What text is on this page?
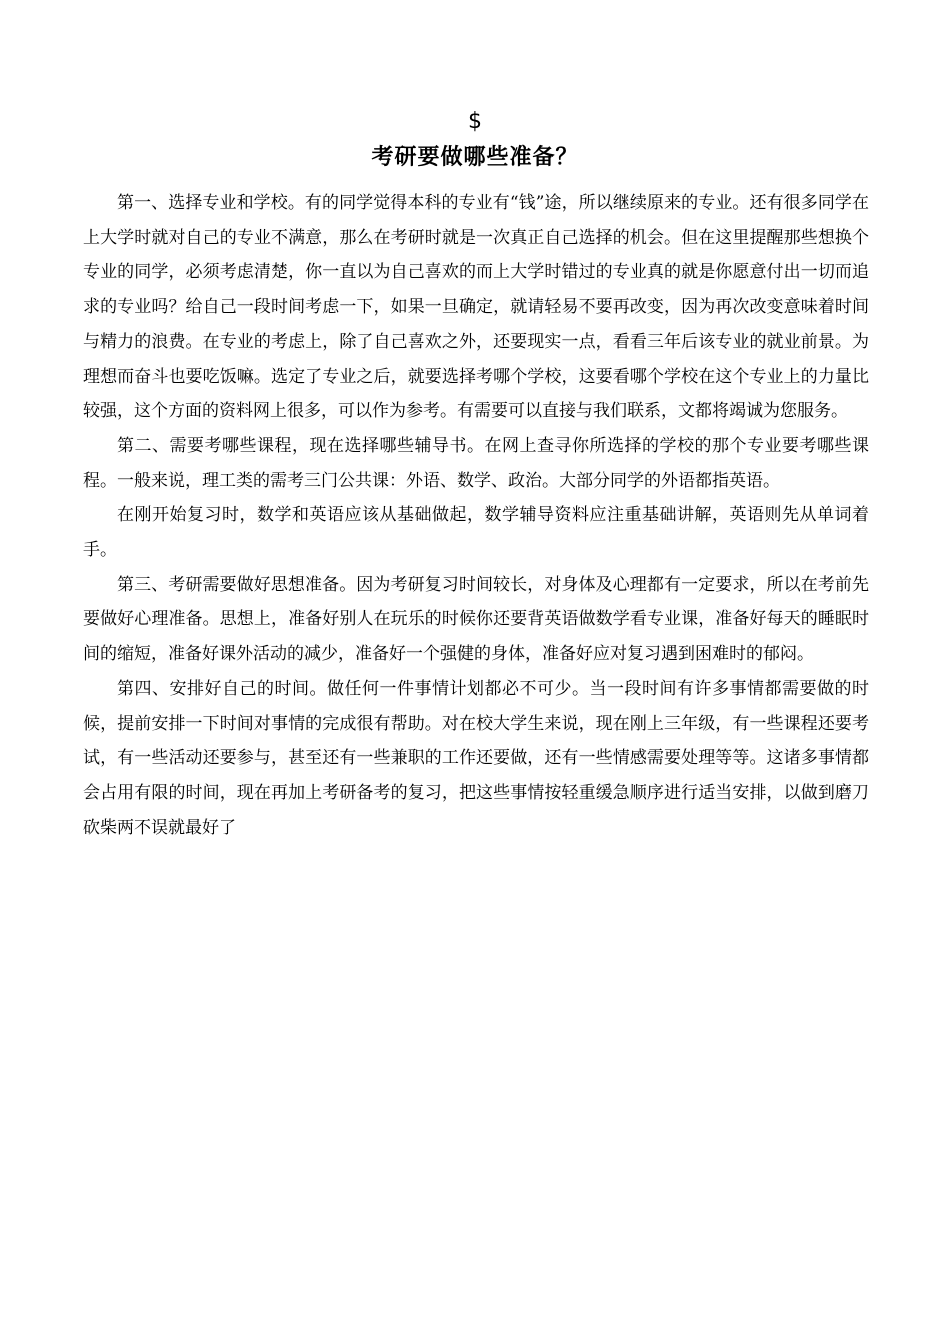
$
考研要做哪些准备？

第一、选择专业和学校。有的同学觉得本科的专业有“钱”途，所以继续原来的专业。还有很多同学在上大学时就对自己的专业不满意，那么在考研时就是一次真正自己选择的机会。但在这里提醒那些想换个专业的同学，必须考虑清楚，你一直以为自己喜欢的而上大学时错过的专业真的就是你愿意付出一切而追求的专业吗？给自己一段时间考虑一下，如果一旦确定，就请轻易不要再改变，因为再次改变意味着时间与精力的浪费。在专业的考虑上，除了自己喜欢之外，还要现实一点，看看三年后该专业的就业前景。为理想而奋斗也要吃饭嘛。选定了专业之后，就要选择考哪个学校，这要看哪个学校在这个专业上的力量比较强，这个方面的资料网上很多，可以作为参考。有需要可以直接与我们联系，文都将竭诚为您服务。

第二、需要考哪些课程，现在选择哪些辅导书。在网上查寻你所选择的学校的那个专业要考哪些课程。一般来说，理工类的需考三门公共课：外语、数学、政治。大部分同学的外语都指英语。

在刚开始复习时，数学和英语应该从基础做起，数学辅导资料应注重基础讲解，英语则先从单词着手。

第三、考研需要做好思想准备。因为考研复习时间较长，对身体及心理都有一定要求，所以在考前先要做好心理准备。思想上，准备好别人在玩乐的时候你还要背英语做数学看专业课，准备好每天的睡眠时间的缩短，准备好课外活动的减少，准备好一个强健的身体，准备好应对复习遇到困难时的郁闷。

第四、安排好自己的时间。做任何一件事情计划都必不可少。当一段时间有许多事情都需要做的时候，提前安排一下时间对事情的完成很有帮助。对在校大学生来说，现在刚上三年级，有一些课程还要考试，有一些活动还要参与，甚至还有一些兼职的工作还要做，还有一些情感需要处理等等。这诸多事情都会占用有限的时间，现在再加上考研备考的复习，把这些事情按轻重缓急顺序进行适当安排，以做到磨刀砍柴两不误就最好了
